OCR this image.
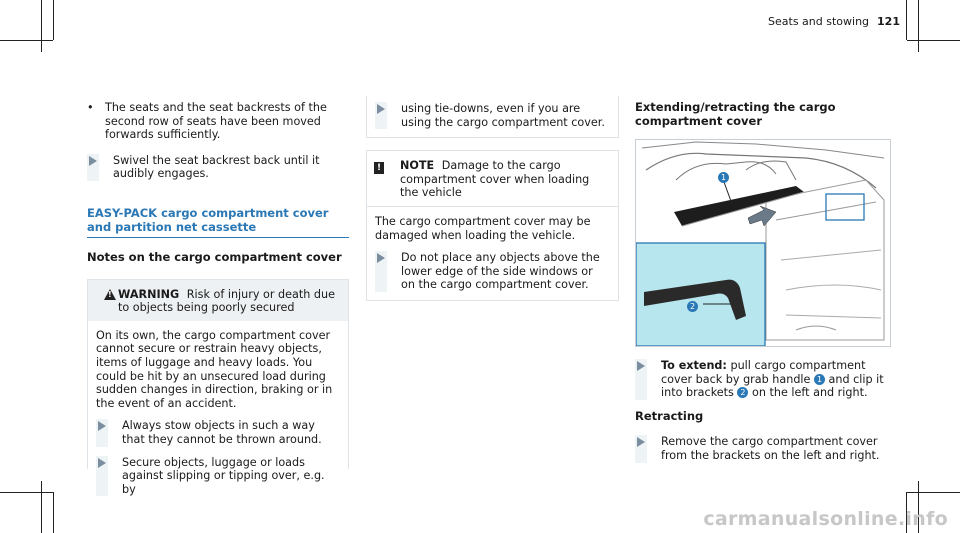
Seats and stowing 121
• The seats and the seat backrests of the second row of seats have been moved forwards sufficiently.
Swivel the seat backrest back until it audibly engages.
EASY-PACK cargo compartment cover and partition net cassette
Notes on the cargo compartment cover
!
WARNING Risk of injury or death due to objects being poorly secured
On its own, the cargo compartment cover cannot secure or restrain heavy objects, items of luggage and heavy loads. You could be hit by an unsecured load during sudden changes in direction, braking or in the event of an accident.
Always stow objects in such a way that they cannot be thrown around.
Secure objects, luggage or loads against slipping or tipping over, e.g. by
using tie-downs, even if you are using the cargo compartment cover.
! NOTE Damage to the cargo compartment cover when loading the vehicle
The cargo compartment cover may be damaged when loading the vehicle.
Do not place any objects above the lower edge of the side windows or on the cargo compartment cover.
Extending/retracting the cargo compartment cover
1
2
To extend: pull cargo compartment cover back by grab handle 1 and clip it into brackets 2 on the left and right.
Retracting
Remove the cargo compartment cover from the brackets on the left and right.
carmanualsonline.info
